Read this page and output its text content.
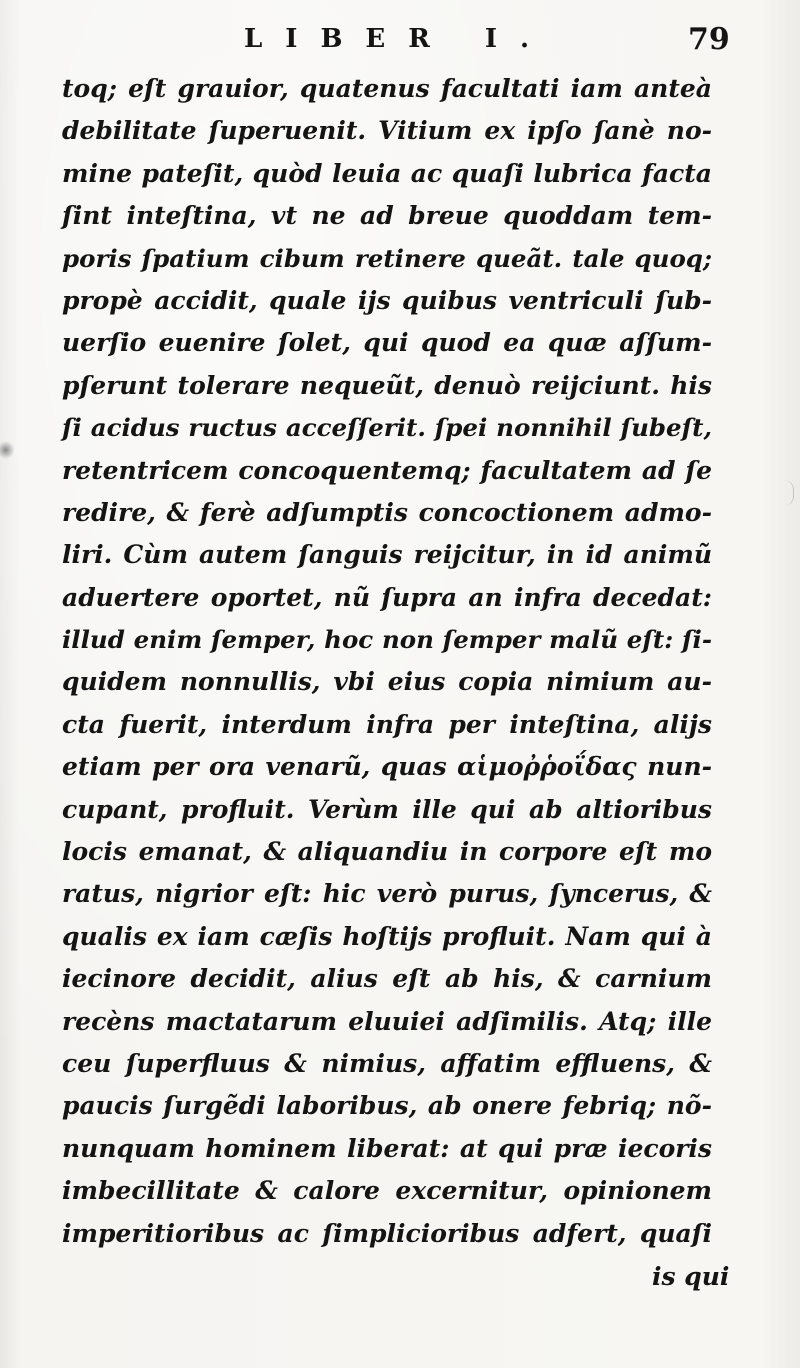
LIBER I.	79
toq; eſt grauior, quatenus facultati iam anteà
debilitate ſuperuenit. Vitium ex ipſo ſanè no-
mine pateſit, quòd leuia ac quaſi lubrica facta
ſint inteſtina, vt ne ad breue quoddam tem-
poris ſpatium cibum retinere queãt. tale quoq;
propè accidit, quale ijs quibus ventriculi ſub-
uerſio euenire ſolet, qui quod ea quæ aſſum-
pſerunt tolerare nequeũt, denuò reijciunt. his
ſi acidus ructus acceſſerit. ſpei nonnihil ſubeſt,
retentricem concoquentemq; facultatem ad ſe
redire, & ferè adſumptis concoctionem admo-
liri. Cùm autem ſanguis reijcitur, in id animũ
aduertere oportet, nũ ſupra an infra decedat:
illud enim ſemper, hoc non ſemper malũ eſt: ſi-
quidem nonnullis, vbi eius copia nimium au-
cta fuerit, interdum infra per inteſtina, alijs
etiam per ora venarũ, quas αἱμοῤῥοΐδας nun-
cupant, profluit. Verùm ille qui ab altioribus
locis emanat, & aliquandiu in corpore eſt mo
ratus, nigrior eſt: hic verò purus, ſyncerus, &
qualis ex iam cæſis hoſtijs profluit. Nam qui à
iecinore decidit, alius eſt ab his, & carnium
recèns mactatarum eluuiei adſimilis. Atq; ille
ceu ſuperfluus & nimius, affatim effluens, &
paucis ſurgẽdi laboribus, ab onere febriq; nõ-
nunquam hominem liberat: at qui præ iecoris
imbecillitate & calore excernitur, opinionem
imperitioribus ac ſimplicioribus adfert, quaſi
is qui
